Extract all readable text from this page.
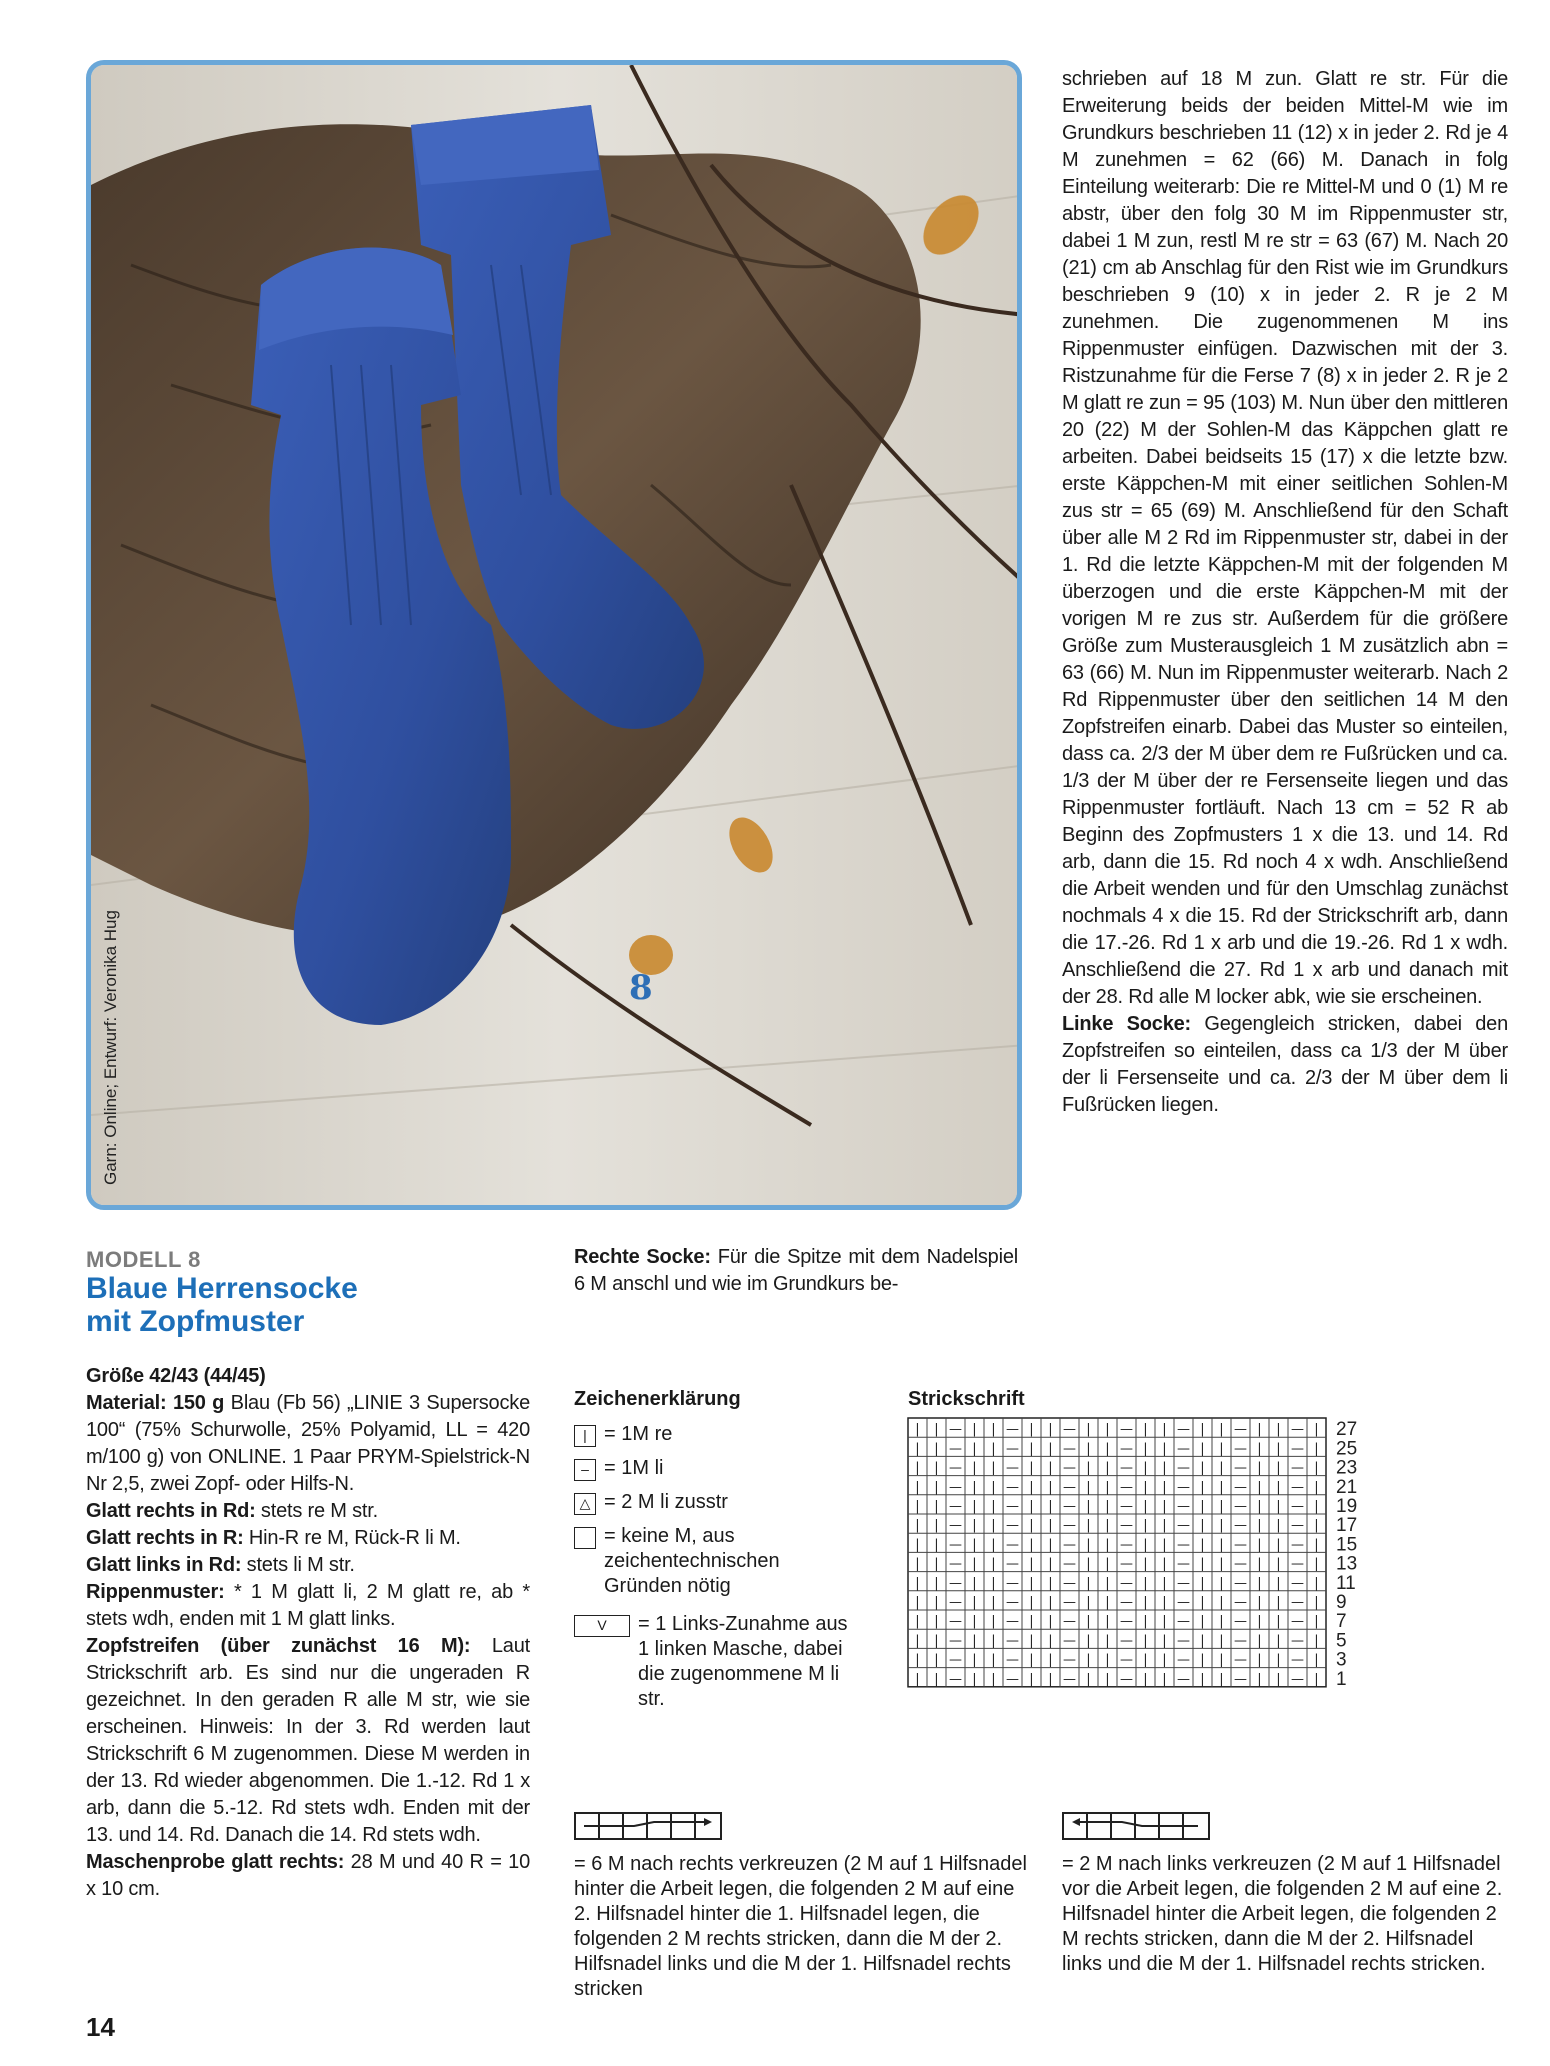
Garn: Online; Entwurf: Veronika Hug	8
MODELL 8
Blaue Herrensocke
mit Zopfmuster

Größe 42/43 (44/45)

Material: 150 g Blau (Fb 56) „LINIE 3 Supersocke 100“ (75% Schurwolle, 25% Polyamid, LL = 420 m/100 g) von ONLINE. 1 Paar PRYM-Spielstrick-N Nr 2,5, zwei Zopf- oder Hilfs-N.

Glatt rechts in Rd: stets re M str.

Glatt rechts in R: Hin-R re M, Rück-R li M.

Glatt links in Rd: stets li M str.

Rippenmuster: * 1 M glatt li, 2 M glatt re, ab * stets wdh, enden mit 1 M glatt links.

Zopfstreifen (über zunächst 16 M): Laut Strickschrift arb. Es sind nur die ungeraden R gezeichnet. In den geraden R alle M str, wie sie erscheinen. Hinweis: In der 3. Rd werden laut Strickschrift 6 M zugenommen. Diese M werden in der 13. Rd wieder abgenommen. Die 1.-12. Rd 1 x arb, dann die 5.-12. Rd stets wdh. Enden mit der 13. und 14. Rd. Danach die 14. Rd stets wdh.

Maschenprobe glatt rechts: 28 M und 40 R = 10 x 10 cm.

Rechte Socke: Für die Spitze mit dem Nadelspiel 6 M anschl und wie im Grundkurs be-

schrieben auf 18 M zun. Glatt re str. Für die Erweiterung beids der beiden Mittel-M wie im Grundkurs beschrieben 11 (12) x in jeder 2. Rd je 4 M zunehmen = 62 (66) M. Danach in folg Einteilung weiterarb: Die re Mittel-M und 0 (1) M re abstr, über den folg 30 M im Rippenmuster str, dabei 1 M zun, restl M re str = 63 (67) M. Nach 20 (21) cm ab Anschlag für den Rist wie im Grundkurs beschrieben 9 (10) x in jeder 2. R je 2 M zunehmen. Die zugenommenen M ins Rippenmuster einfügen. Dazwischen mit der 3. Ristzunahme für die Ferse 7 (8) x in jeder 2. R je 2 M glatt re zun = 95 (103) M. Nun über den mittleren 20 (22) M der Sohlen-M das Käppchen glatt re arbeiten. Dabei beidseits 15 (17) x die letzte bzw. erste Käppchen-M mit einer seitlichen Sohlen-M zus str = 65 (69) M. Anschließend für den Schaft über alle M 2 Rd im Rippenmuster str, dabei in der 1. Rd die letzte Käppchen-M mit der folgenden M überzogen und die erste Käppchen-M mit der vorigen M re zus str. Außerdem für die größere Größe zum Musterausgleich 1 M zusätzlich abn = 63 (66) M. Nun im Rippenmuster weiterarb. Nach 2 Rd Rippenmuster über den seitlichen 14 M den Zopfstreifen einarb. Dabei das Muster so einteilen, dass ca. 2/3 der M über dem re Fußrücken und ca. 1/3 der M über der re Fersenseite liegen und das Rippenmuster fortläuft. Nach 13 cm = 52 R ab Beginn des Zopfmusters 1 x die 13. und 14. Rd arb, dann die 15. Rd noch 4 x wdh. Anschließend die Arbeit wenden und für den Umschlag zunächst nochmals 4 x die 15. Rd der Strickschrift arb, dann die 17.-26. Rd 1 x arb und die 19.-26. Rd 1 x wdh. Anschließend die 27. Rd 1 x arb und danach mit der 28. Rd alle M locker abk, wie sie erscheinen.

Linke Socke: Gegengleich stricken, dabei den Zopfstreifen so einteilen, dass ca 1/3 der M über der li Fersenseite und ca. 2/3 der M über dem li Fußrücken liegen.

Zeichenerklärung
| = 1M re
– = 1M li
△ = 2 M li zusstr
= keine M, aus zeichentechnischen Gründen nötig
V	= 1 Links-Zunahme aus 1 linken Masche, dabei die zugenommene M li str.
Strickschrift
| | — | | — | | — | | — | | — | | — | | — |
| | — | | — | | — | | — | | — | | — | | — |
| | — | | — | | — | | — | | — | | — | | — |
| | — | | — | | — | | — | | — | | — | | — |
| | — | | — | | — | | — | | — | | — | | — |
| | — | | — | | — | | — | | — | | — | | — |
| | — | | — | | — | | — | | — | | — | | — |
| | — | | — | | — | | — | | — | | — | | — |
| | — | | — | | — | | — | | — | | — | | — |
| | — | | — | | — | | — | | — | | — | | — |
| | — | | — | | — | | — | | — | | — | | — |
| | — | | — | | — | | — | | — | | — | | — |
| | — | | — | | — | | — | | — | | — | | — |
| | — | | — | | — | | — | | — | | — | | — |
27
25
23
21
19
17
15
13
11
9
7
5
3
1
= 6 M nach rechts verkreuzen (2 M auf 1 Hilfsnadel hinter die Arbeit legen, die folgenden 2 M auf eine 2. Hilfsnadel hinter die 1. Hilfsnadel legen, die folgenden 2 M rechts stricken, dann die M der 2. Hilfsnadel links und die M der 1. Hilfsnadel rechts stricken
= 2 M nach links verkreuzen (2 M auf 1 Hilfsnadel vor die Arbeit legen, die folgenden 2 M auf eine 2. Hilfsnadel hinter die Arbeit legen, die folgenden 2 M rechts stricken, dann die M der 2. Hilfsnadel links und die M der 1. Hilfsnadel rechts stricken.
14
